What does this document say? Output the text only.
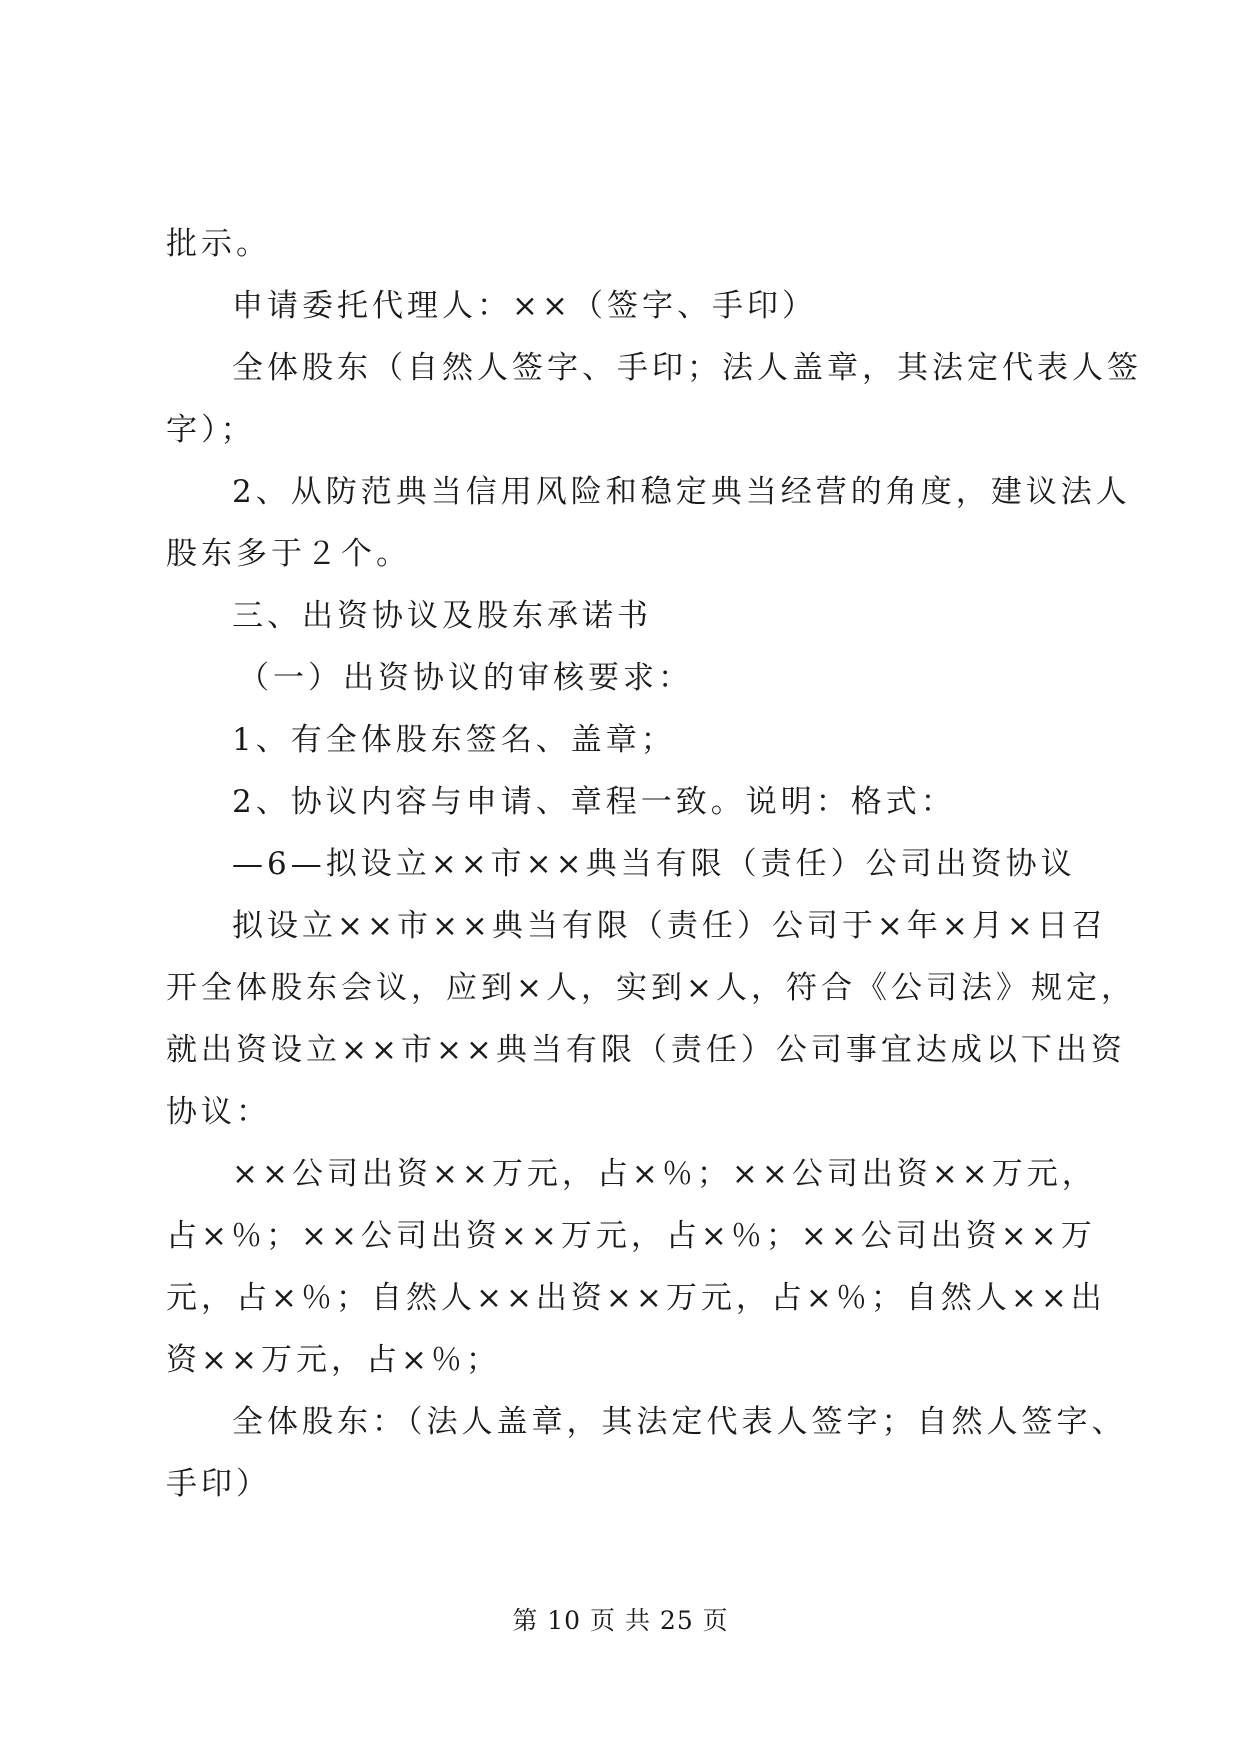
批示。
申请委托代理人：××（签字、手印）
全体股东（自然人签字、手印；法人盖章，其法定代表人签
字）；
2、从防范典当信用风险和稳定典当经营的角度，建议法人
股东多于２个。
三、出资协议及股东承诺书
（一）出资协议的审核要求：
1、有全体股东签名、盖章；
2、协议内容与申请、章程一致。说明：格式：
—6—拟设立××市××典当有限（责任）公司出资协议
拟设立××市××典当有限（责任）公司于×年×月×日召
开全体股东会议，应到×人，实到×人，符合《公司法》规定，
就出资设立××市××典当有限（责任）公司事宜达成以下出资
协议：
××公司出资××万元，占×％；××公司出资××万元，
占×％；××公司出资××万元，占×％；××公司出资××万
元，占×％；自然人××出资××万元，占×％；自然人××出
资××万元，占×％；
全体股东：（法人盖章，其法定代表人签字；自然人签字、
手印）
第 10 页 共 25 页
